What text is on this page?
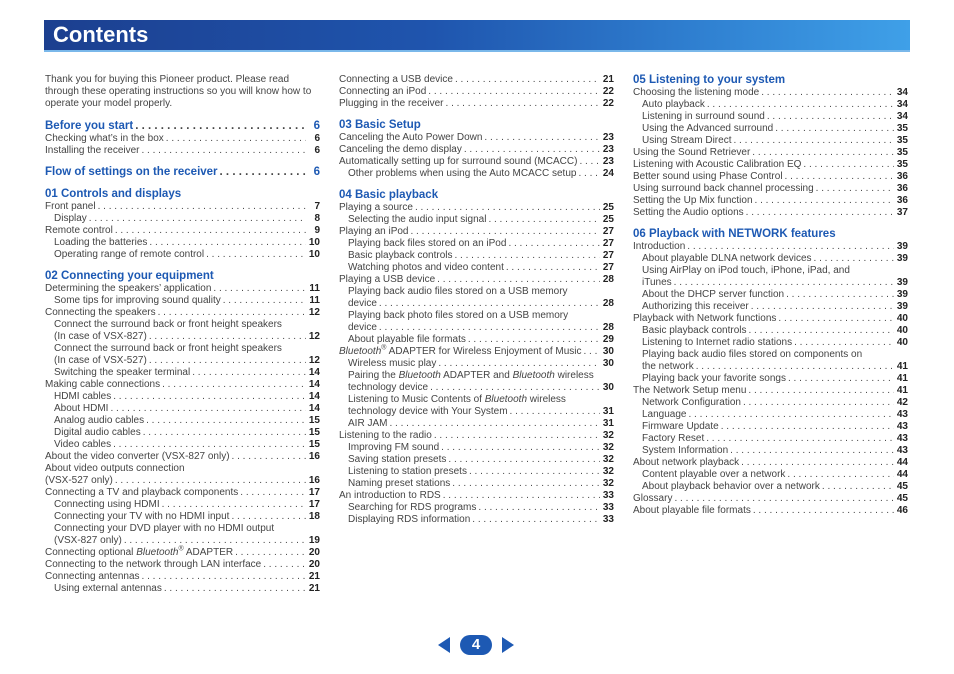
Contents

Thank you for buying this Pioneer product. Please read through these operating instructions so you will know how to operate your model properly.

Before you start . . .	6
Checking what’s in the box . . .	6
Installing the receiver . . .	6
Flow of settings on the receiver . . .	6
01 Controls and displays
Front panel . . .	7
Display . . .	8
Remote control . . .	9
Loading the batteries . . .	10
Operating range of remote control . . .	10
02 Connecting your equipment
Determining the speakers’ application . . .	11
Some tips for improving sound quality . . .	11
Connecting the speakers . . .	12
Connect the surround back or front height speakers
(In case of VSX-827) . . .	12
Connect the surround back or front height speakers
(In case of VSX-527) . . .	12
Switching the speaker terminal . . .	14
Making cable connections . . .	14
HDMI cables . . .	14
About HDMI . . .	14
Analog audio cables . . .	15
Digital audio cables . . .	15
Video cables . . .	15
About the video converter (VSX-827 only) . . .	16
About video outputs connection
(VSX-527 only) . . .	16
Connecting a TV and playback components . . .	17
Connecting using HDMI . . .	17
Connecting your TV with no HDMI input . . .	18
Connecting your DVD player with no HDMI output
(VSX-827 only) . . .	19
Connecting optional Bluetooth® ADAPTER . . .	20
Connecting to the network through LAN interface . . .	20
Connecting antennas . . .	21
Using external antennas . . .	21
Connecting a USB device . . .	21
Connecting an iPod . . .	22
Plugging in the receiver . . .	22
03 Basic Setup
Canceling the Auto Power Down . . .	23
Canceling the demo display . . .	23
Automatically setting up for surround sound (MCACC) . . .	23
Other problems when using the Auto MCACC setup . . .	24
04 Basic playback
Playing a source . . .	25
Selecting the audio input signal . . .	25
Playing an iPod . . .	27
Playing back files stored on an iPod . . .	27
Basic playback controls . . .	27
Watching photos and video content . . .	27
Playing a USB device . . .	28
Playing back audio files stored on a USB memory
device . . .	28
Playing back photo files stored on a USB memory
device . . .	28
About playable file formats . . .	29
Bluetooth® ADAPTER for Wireless Enjoyment of Music . . . 30
Wireless music play . . .	30
Pairing the Bluetooth ADAPTER and Bluetooth wireless
technology device . . .	30
Listening to Music Contents of Bluetooth wireless
technology device with Your System . . .	31
AIR JAM . . .	31
Listening to the radio . . .	32
Improving FM sound . . .	32
Saving station presets . . .	32
Listening to station presets . . .	32
Naming preset stations . . .	32
An introduction to RDS . . .	33
Searching for RDS programs . . .	33
Displaying RDS information . . .	33
05 Listening to your system
Choosing the listening mode . . .	34
Auto playback . . .	34
Listening in surround sound . . .	34
Using the Advanced surround . . .	35
Using Stream Direct . . .	35
Using the Sound Retriever . . .	35
Listening with Acoustic Calibration EQ . . .	35
Better sound using Phase Control . . .	36
Using surround back channel processing . . .	36
Setting the Up Mix function . . .	36
Setting the Audio options . . .	37
06 Playback with NETWORK features
Introduction . . .	39
About playable DLNA network devices . . .	39
Using AirPlay on iPod touch, iPhone, iPad, and
iTunes . . .	39
About the DHCP server function . . .	39
Authorizing this receiver . . .	39
Playback with Network functions . . .	40
Basic playback controls . . .	40
Listening to Internet radio stations . . .	40
Playing back audio files stored on components on
the network . . .	41
Playing back your favorite songs . . .	41
The Network Setup menu . . .	41
Network Configuration . . .	42
Language . . .	43
Firmware Update . . .	43
Factory Reset . . .	43
System Information . . .	43
About network playback . . .	44
Content playable over a network . . .	44
About playback behavior over a network . . .	45
Glossary . . .	45
About playable file formats . . .	46
4
